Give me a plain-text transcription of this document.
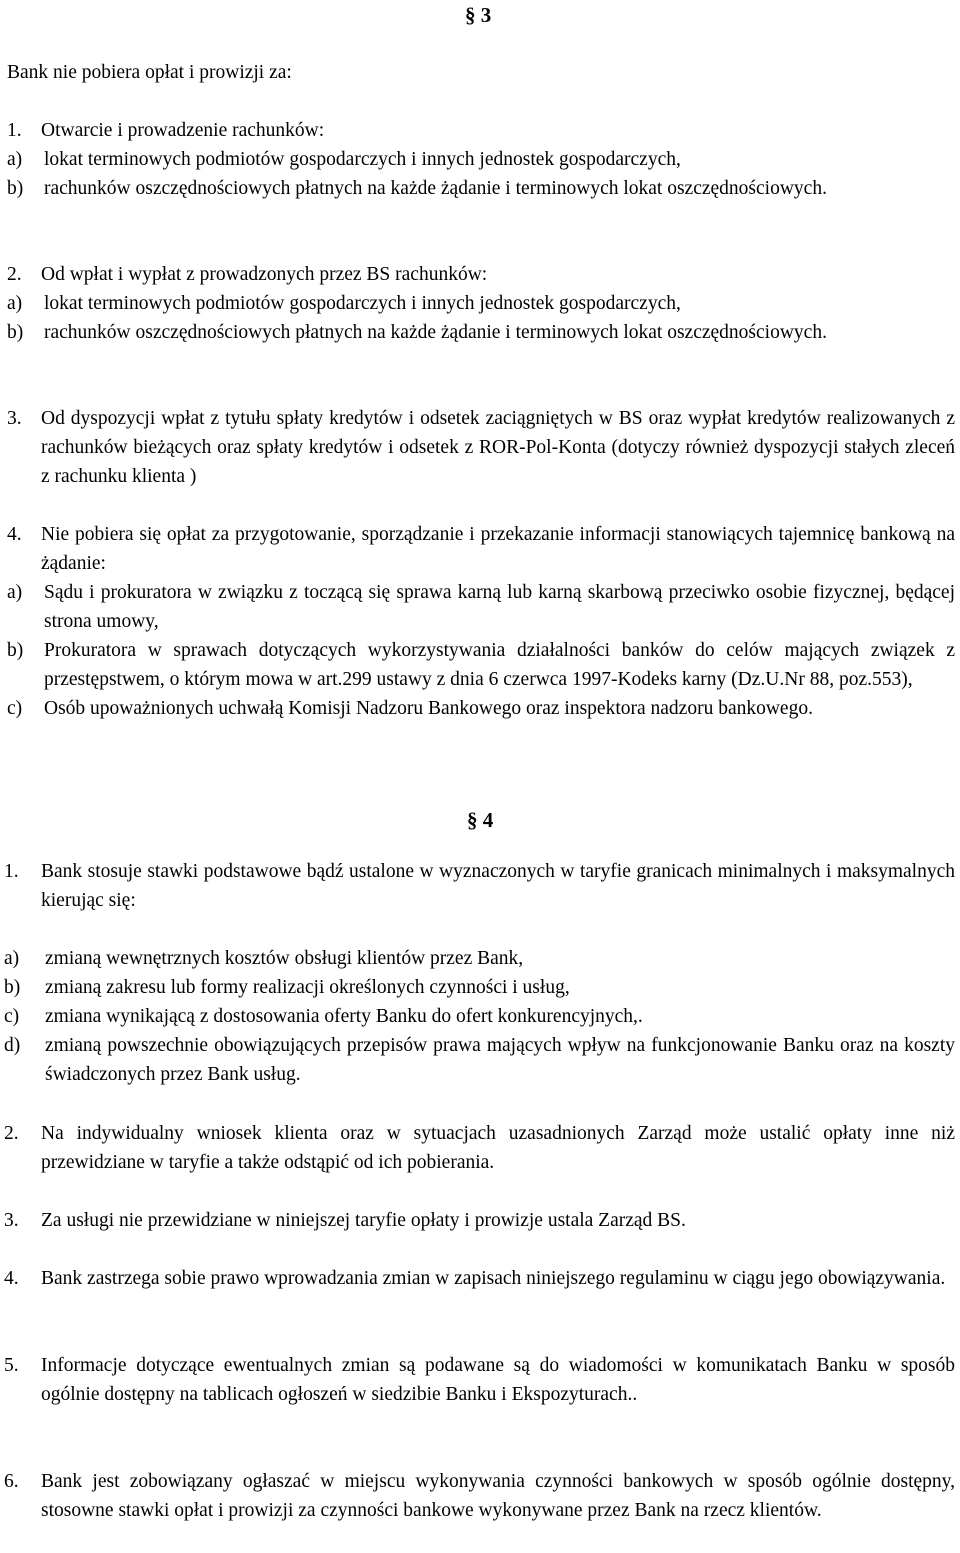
§ 3
Bank nie pobiera opłat i prowizji za:
1. Otwarcie i prowadzenie rachunków:
a) lokat terminowych podmiotów gospodarczych i innych jednostek gospodarczych,
b) rachunków oszczędnościowych płatnych na każde żądanie i terminowych lokat oszczędnościowych.
2. Od wpłat i wypłat z prowadzonych przez BS rachunków:
a) lokat terminowych podmiotów gospodarczych i innych jednostek gospodarczych,
b) rachunków oszczędnościowych płatnych na każde żądanie i terminowych lokat oszczędnościowych.
3. Od dyspozycji wpłat z tytułu spłaty kredytów i odsetek zaciągniętych w BS oraz wypłat kredytów realizowanych z rachunków bieżących oraz spłaty kredytów i odsetek z ROR-Pol-Konta (dotyczy również dyspozycji stałych zleceń z rachunku klienta )
4. Nie pobiera się opłat za przygotowanie, sporządzanie i przekazanie informacji stanowiących tajemnicę bankową na żądanie:
a) Sądu i prokuratora w związku z toczącą się sprawa karną lub karną skarbową przeciwko osobie fizycznej, będącej strona umowy,
b) Prokuratora w sprawach dotyczących wykorzystywania działalności banków do celów mających związek z przestępstwem, o którym mowa w art.299 ustawy z dnia 6 czerwca 1997-Kodeks karny (Dz.U.Nr 88, poz.553),
c) Osób upoważnionych uchwałą Komisji Nadzoru Bankowego oraz inspektora nadzoru bankowego.
§ 4
1. Bank stosuje stawki podstawowe bądź ustalone w wyznaczonych w taryfie granicach minimalnych i maksymalnych kierując się:
a) zmianą wewnętrznych kosztów obsługi klientów przez Bank,
b) zmianą zakresu lub formy realizacji określonych czynności i usług,
c) zmiana wynikającą z dostosowania oferty Banku do ofert konkurencyjnych,.
d) zmianą powszechnie obowiązujących przepisów prawa mających wpływ na funkcjonowanie Banku oraz na koszty świadczonych przez Bank usług.
2. Na indywidualny wniosek klienta oraz w sytuacjach uzasadnionych Zarząd może ustalić opłaty inne niż przewidziane w taryfie a także odstąpić od ich pobierania.
3. Za usługi nie przewidziane w niniejszej taryfie opłaty i prowizje ustala Zarząd BS.
4. Bank zastrzega sobie prawo wprowadzania zmian w zapisach niniejszego regulaminu w ciągu jego obowiązywania.
5. Informacje dotyczące ewentualnych zmian są podawane są do wiadomości w komunikatach Banku w sposób ogólnie dostępny na tablicach ogłoszeń w siedzibie Banku i Ekspozyturach..
6. Bank jest zobowiązany ogłaszać w miejscu wykonywania czynności bankowych w sposób ogólnie dostępny, stosowne stawki opłat i prowizji za czynności bankowe wykonywane przez Bank na rzecz klientów.
